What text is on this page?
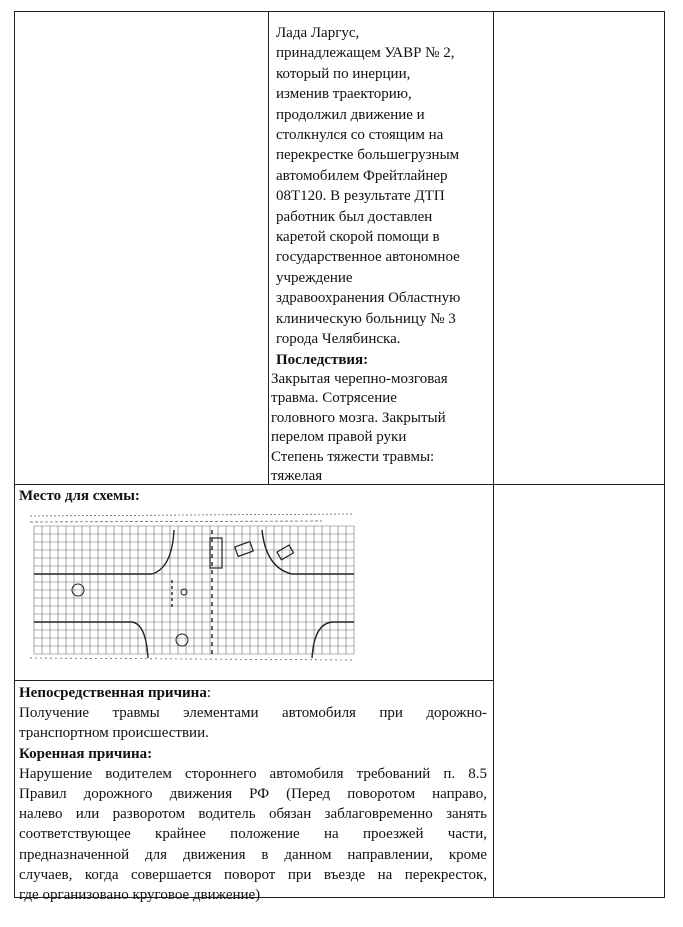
Лада Ларгус,

принадлежащем УАВР № 2,

который по инерции,

изменив траекторию,

продолжил движение и

столкнулся со стоящим на

перекрестке большегрузным

автомобилем Фрейтлайнер

08Т120. В результате ДТП

работник был доставлен

каретой скорой помощи в

государственное автономное

учреждение

здравоохранения Областную

клиническую больницу № 3

города Челябинска.

Последствия:

Закрытая черепно-мозговая

травма. Сотрясение

головного мозга. Закрытый

перелом правой руки

Степень тяжести травмы:

тяжелая

Место для схемы:

Непосредственная причина:

Получение травмы элементами автомобиля при дорожно-
транспортном происшествии.

Коренная причина:

Нарушение водителем стороннего автомобиля требований п. 8.5
Правил дорожного движения РФ (Перед поворотом направо,
налево или разворотом водитель обязан заблаговременно занять
соответствующее крайнее положение на проезжей части,
предназначенной для движения в данном направлении, кроме
случаев, когда совершается поворот при въезде на перекресток,
где организовано круговое движение)
